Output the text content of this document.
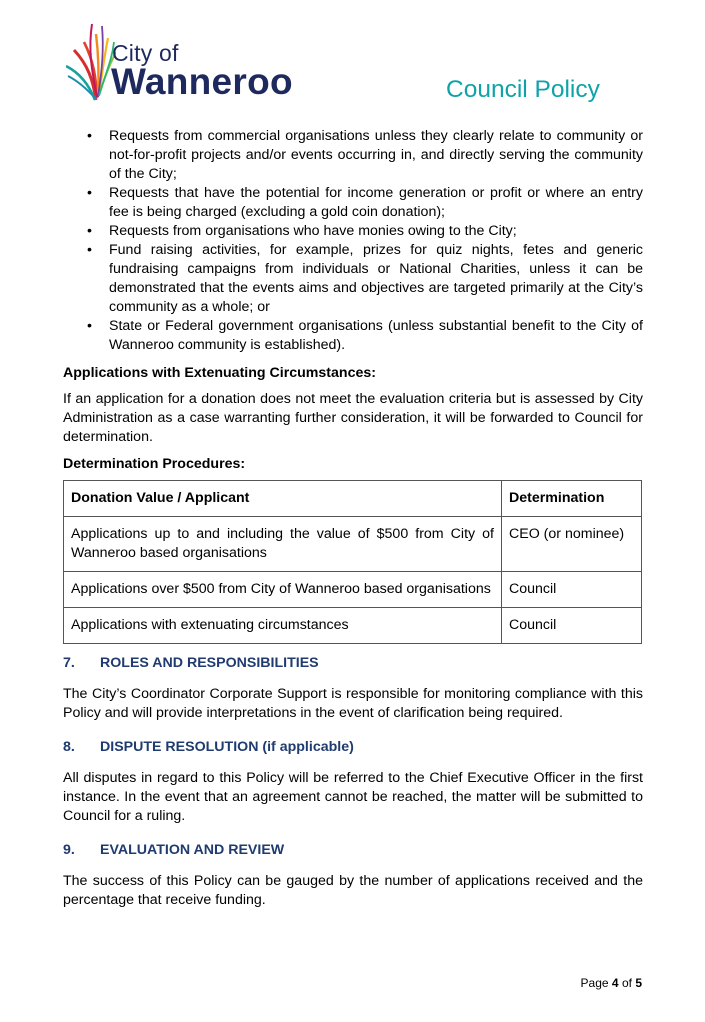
City of
Wanneroo	Council Policy
• Requests from commercial organisations unless they clearly relate to community or not-for-profit projects and/or events occurring in, and directly serving the community of the City;
• Requests that have the potential for income generation or profit or where an entry fee is being charged (excluding a gold coin donation);
• Requests from organisations who have monies owing to the City;
• Fund raising activities, for example, prizes for quiz nights, fetes and generic fundraising campaigns from individuals or National Charities, unless it can be demonstrated that the events aims and objectives are targeted primarily at the City’s community as a whole; or
• State or Federal government organisations (unless substantial benefit to the City of Wanneroo community is established).
Applications with Extenuating Circumstances:
If an application for a donation does not meet the evaluation criteria but is assessed by City Administration as a case warranting further consideration, it will be forwarded to Council for determination.
Determination Procedures:
Donation Value / Applicant	Determination
Applications up to and including the value of $500 from City of Wanneroo based organisations	CEO (or nominee)
Applications over $500 from City of Wanneroo based organisations	Council
Applications with extenuating circumstances	Council
7. ROLES AND RESPONSIBILITIES
The City’s Coordinator Corporate Support is responsible for monitoring compliance with this Policy and will provide interpretations in the event of clarification being required.
8. DISPUTE RESOLUTION (if applicable)
All disputes in regard to this Policy will be referred to the Chief Executive Officer in the first instance. In the event that an agreement cannot be reached, the matter will be submitted to Council for a ruling.
9. EVALUATION AND REVIEW
The success of this Policy can be gauged by the number of applications received and the percentage that receive funding.
Page 4 of 5
